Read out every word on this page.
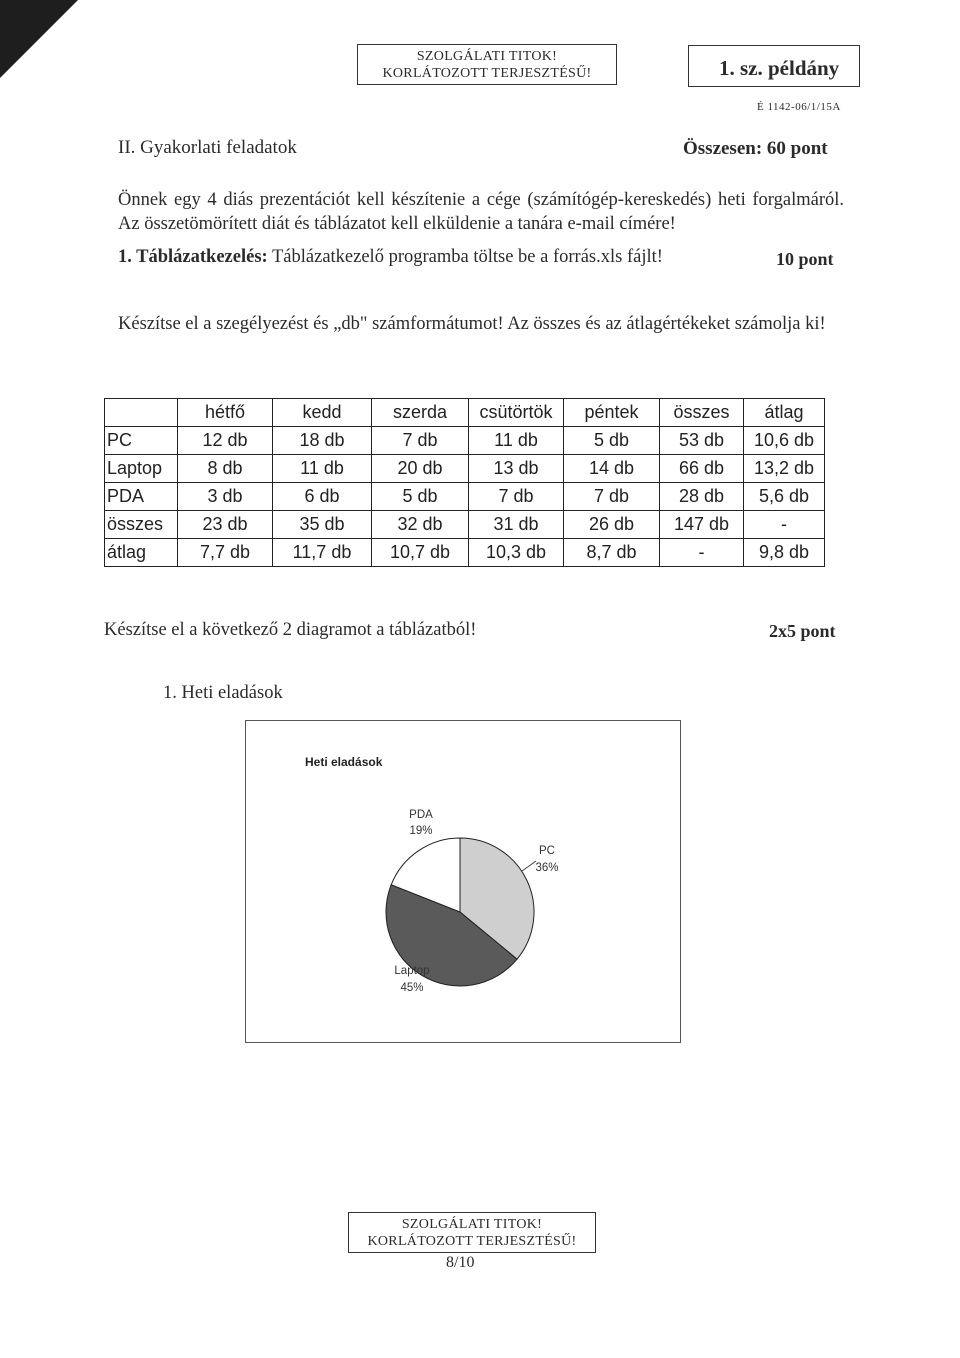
SZOLGÁLATI TITOK!
KORLÁTOZOTT TERJESZTÉSŰ!	1. sz. példány
É 1142-06/1/15A
II. Gyakorlati feladatok	Összesen: 60 pont
Önnek egy 4 diás prezentációt kell készítenie a cége (számítógép-kereskedés) heti forgalmáról. Az összetömörített diát és táblázatot kell elküldenie a tanára e-mail címére!
1. Táblázatkezelés: Táblázatkezelő programba töltse be a forrás.xls fájlt!	10 pont
Készítse el a szegélyezést és „db" számformátumot! Az összes és az átlagértékeket számolja ki!
	hétfő	kedd	szerda	csütörtök	péntek	összes	átlag
PC	12 db	18 db	7 db	11 db	5 db	53 db	10,6 db
Laptop	8 db	11 db	20 db	13 db	14 db	66 db	13,2 db
PDA	3 db	6 db	5 db	7 db	7 db	28 db	5,6 db
összes	23 db	35 db	32 db	31 db	26 db	147 db	-
átlag	7,7 db	11,7 db	10,7 db	10,3 db	8,7 db	-	9,8 db
Készítse el a következő 2 diagramot a táblázatból!	2x5 pont
1. Heti eladások
Heti eladások
PC
36%
Laptop
45%
PDA
19%
SZOLGÁLATI TITOK!
KORLÁTOZOTT TERJESZTÉSŰ!
8/10
